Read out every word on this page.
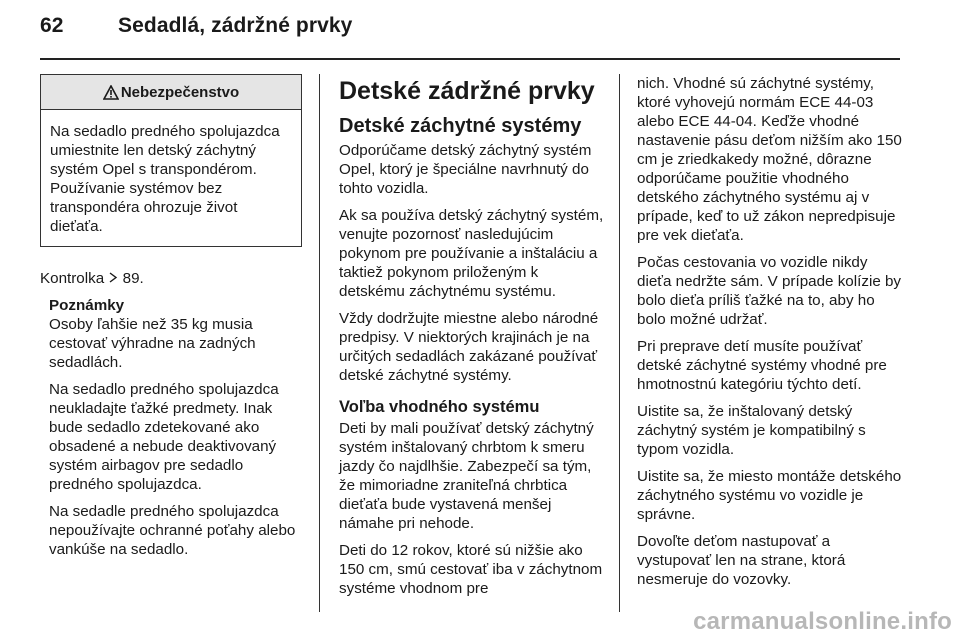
62	Sedadlá, zádržné prvky
Nebezpečenstvo
Na sedadlo predného spolujazdca umiestnite len detský záchytný systém Opel s transpondérom. Používanie systémov bez transpondéra ohrozuje život dieťaťa.

Kontrolka 89.

Poznámky

Osoby ľahšie než 35 kg musia cestovať výhradne na zadných sedadlách.

Na sedadlo predného spolujazdca neukladajte ťažké predmety. Inak bude sedadlo zdetekované ako obsadené a nebude deaktivovaný systém airbagov pre sedadlo predného spolujazdca.

Na sedadle predného spolujazdca nepoužívajte ochranné poťahy alebo vankúše na sedadlo.

Detské zádržné prvky
Detské záchytné systémy

Odporúčame detský záchytný systém Opel, ktorý je špeciálne navrhnutý do tohto vozidla.

Ak sa používa detský záchytný systém, venujte pozornosť nasledujúcim pokynom pre používanie a inštaláciu a taktiež pokynom priloženým k detskému záchytnému systému.

Vždy dodržujte miestne alebo národné predpisy. V niektorých krajinách je na určitých sedadlách zakázané používať detské záchytné systémy.

Voľba vhodného systému

Deti by mali používať detský záchytný systém inštalovaný chrbtom k smeru jazdy čo najdlhšie. Zabezpečí sa tým, že mimoriadne zraniteľná chrbtica dieťaťa bude vystavená menšej námahe pri nehode.

Deti do 12 rokov, ktoré sú nižšie ako 150 cm, smú cestovať iba v záchytnom systéme vhodnom pre

nich. Vhodné sú záchytné systémy, ktoré vyhovejú normám ECE 44-03 alebo ECE 44-04. Keďže vhodné nastavenie pásu deťom nižším ako 150 cm je zriedkakedy možné, dôrazne odporúčame použitie vhodného detského záchytného systému aj v prípade, keď to už zákon nepredpisuje pre vek dieťaťa.

Počas cestovania vo vozidle nikdy dieťa nedržte sám. V prípade kolízie by bolo dieťa príliš ťažké na to, aby ho bolo možné udržať.

Pri preprave detí musíte používať detské záchytné systémy vhodné pre hmotnostnú kategóriu týchto detí.

Uistite sa, že inštalovaný detský záchytný systém je kompatibilný s typom vozidla.

Uistite sa, že miesto montáže detského záchytného systému vo vozidle je správne.

Dovoľte deťom nastupovať a vystupovať len na strane, ktorá nesmeruje do vozovky.

carmanualsonline.info
